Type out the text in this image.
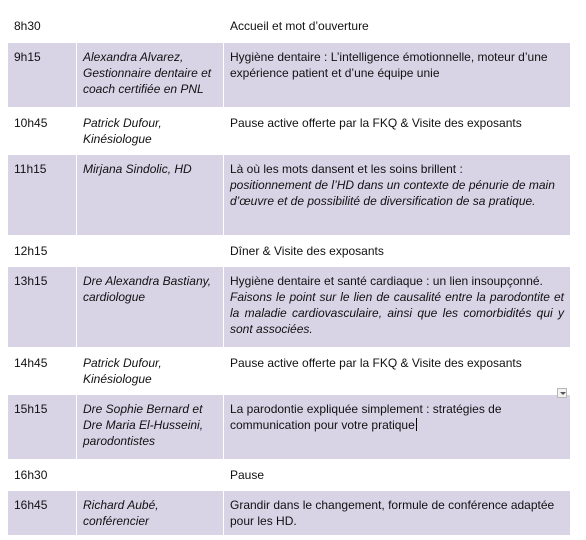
8h30		Accueil et mot d’ouverture
9h15	Alexandra Alvarez, Gestionnaire dentaire et coach certifiée en PNL	Hygiène dentaire : L’intelligence émotionnelle, moteur d’une expérience patient et d’une équipe unie
10h45	Patrick Dufour, Kinésiologue	Pause active offerte par la FKQ & Visite des exposants
11h15	Mirjana Sindolic, HD	Là où les mots dansent et les soins brillent :
positionnement de l’HD dans un contexte de pénurie de main d’œuvre et de possibilité de diversification de sa pratique.
12h15		Dîner & Visite des exposants
13h15	Dre Alexandra Bastiany, cardiologue	Hygiène dentaire et santé cardiaque : un lien insoupçonné.
Faisons le point sur le lien de causalité entre la parodontite et la maladie cardiovasculaire, ainsi que les comorbidités qui y sont associées.
14h45	Patrick Dufour, Kinésiologue	Pause active offerte par la FKQ & Visite des exposants
15h15	Dre Sophie Bernard et Dre Maria El-Husseini, parodontistes	La parodontie expliquée simplement : stratégies de communication pour votre pratique
16h30		Pause
16h45	Richard Aubé, conférencier	Grandir dans le changement, formule de conférence adaptée pour les HD.
